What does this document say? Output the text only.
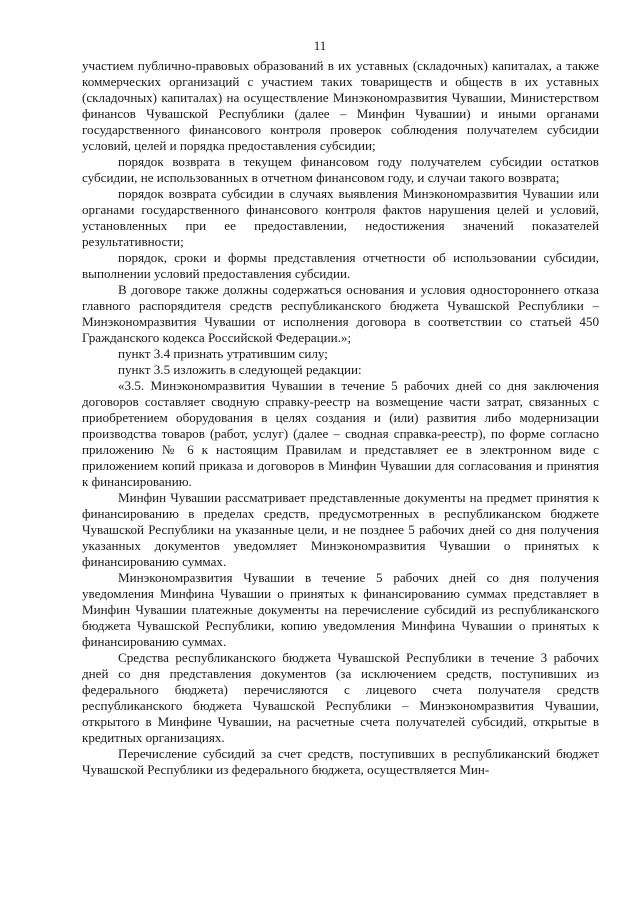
11

участием публично-правовых образований в их уставных (складочных) капиталах, а также коммерческих организаций с участием таких товариществ и обществ в их уставных (складочных) капиталах) на осуществление Минэкономразвития Чувашии, Министерством финансов Чувашской Республики (далее – Минфин Чувашии) и иными органами государственного финансового контроля проверок соблюдения получателем субсидии условий, целей и порядка предоставления субсидии;

порядок возврата в текущем финансовом году получателем субсидии остатков субсидии, не использованных в отчетном финансовом году, и случаи такого возврата;

порядок возврата субсидии в случаях выявления Минэкономразвития Чувашии или органами государственного финансового контроля фактов нарушения целей и условий, установленных при ее предоставлении, недостижения значений показателей результативности;

порядок, сроки и формы представления отчетности об использовании субсидии, выполнении условий предоставления субсидии.

В договоре также должны содержаться основания и условия одностороннего отказа главного распорядителя средств республиканского бюджета Чувашской Республики – Минэкономразвития Чувашии от исполнения договора в соответствии со статьей 450 Гражданского кодекса Российской Федерации.»;

пункт 3.4 признать утратившим силу;

пункт 3.5 изложить в следующей редакции:

«3.5. Минэкономразвития Чувашии в течение 5 рабочих дней со дня заключения договоров составляет сводную справку-реестр на возмещение части затрат, связанных с приобретением оборудования в целях создания и (или) развития либо модернизации производства товаров (работ, услуг) (далее – сводная справка-реестр), по форме согласно приложению № 6 к настоящим Правилам и представляет ее в электронном виде с приложением копий приказа и договоров в Минфин Чувашии для согласования и принятия к финансированию.

Минфин Чувашии рассматривает представленные документы на предмет принятия к финансированию в пределах средств, предусмотренных в республиканском бюджете Чувашской Республики на указанные цели, и не позднее 5 рабочих дней со дня получения указанных документов уведомляет Минэкономразвития Чувашии о принятых к финансированию суммах.

Минэкономразвития Чувашии в течение 5 рабочих дней со дня получения уведомления Минфина Чувашии о принятых к финансированию суммах представляет в Минфин Чувашии платежные документы на перечисление субсидий из республиканского бюджета Чувашской Республики, копию уведомления Минфина Чувашии о принятых к финансированию суммах.

Средства республиканского бюджета Чувашской Республики в течение 3 рабочих дней со дня представления документов (за исключением средств, поступивших из федерального бюджета) перечисляются с лицевого счета получателя средств республиканского бюджета Чувашской Республики – Минэкономразвития Чувашии, открытого в Минфине Чувашии, на расчетные счета получателей субсидий, открытые в кредитных организациях.

Перечисление субсидий за счет средств, поступивших в республиканский бюджет Чувашской Республики из федерального бюджета, осуществляется Мин-
